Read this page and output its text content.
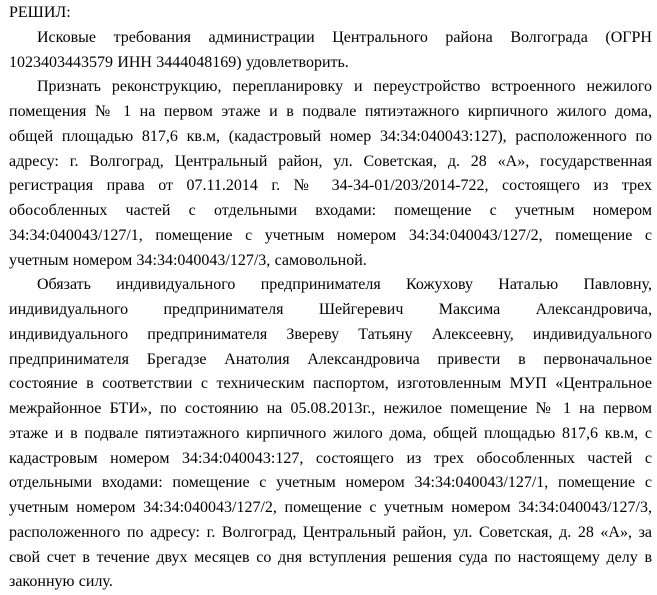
РЕШИЛ:
Исковые требования администрации Центрального района Волгограда (ОГРН
1023403443579 ИНН 3444048169) удовлетворить.
Признать реконструкцию, перепланировку и переустройство встроенного нежилого
помещения № 1 на первом этаже и в подвале пятиэтажного кирпичного жилого дома,
общей площадью 817,6 кв.м, (кадастровый номер 34:34:040043:127), расположенного по
адресу: г. Волгоград, Центральный район, ул. Советская, д. 28 «А», государственная
регистрация права от 07.11.2014 г. № 34-34-01/203/2014-722, состоящего из трех
обособленных частей с отдельными входами: помещение с учетным номером
34:34:040043/127/1, помещение с учетным номером 34:34:040043/127/2, помещение с
учетным номером 34:34:040043/127/3, самовольной.
Обязать индивидуального предпринимателя Кожухову Наталью Павловну,
индивидуального предпринимателя Шейгеревич Максима Александровича,
индивидуального предпринимателя Звереву Татьяну Алексеевну, индивидуального
предпринимателя Брегадзе Анатолия Александровича привести в первоначальное
состояние в соответствии с техническим паспортом, изготовленным МУП «Центральное
межрайонное БТИ», по состоянию на 05.08.2013г., нежилое помещение № 1 на первом
этаже и в подвале пятиэтажного кирпичного жилого дома, общей площадью 817,6 кв.м, с
кадастровым номером 34:34:040043:127, состоящего из трех обособленных частей с
отдельными входами: помещение с учетным номером 34:34:040043/127/1, помещение с
учетным номером 34:34:040043/127/2, помещение с учетным номером 34:34:040043/127/3,
расположенного по адресу: г. Волгоград, Центральный район, ул. Советская, д. 28 «А», за
свой счет в течение двух месяцев со дня вступления решения суда по настоящему делу в
законную силу.
